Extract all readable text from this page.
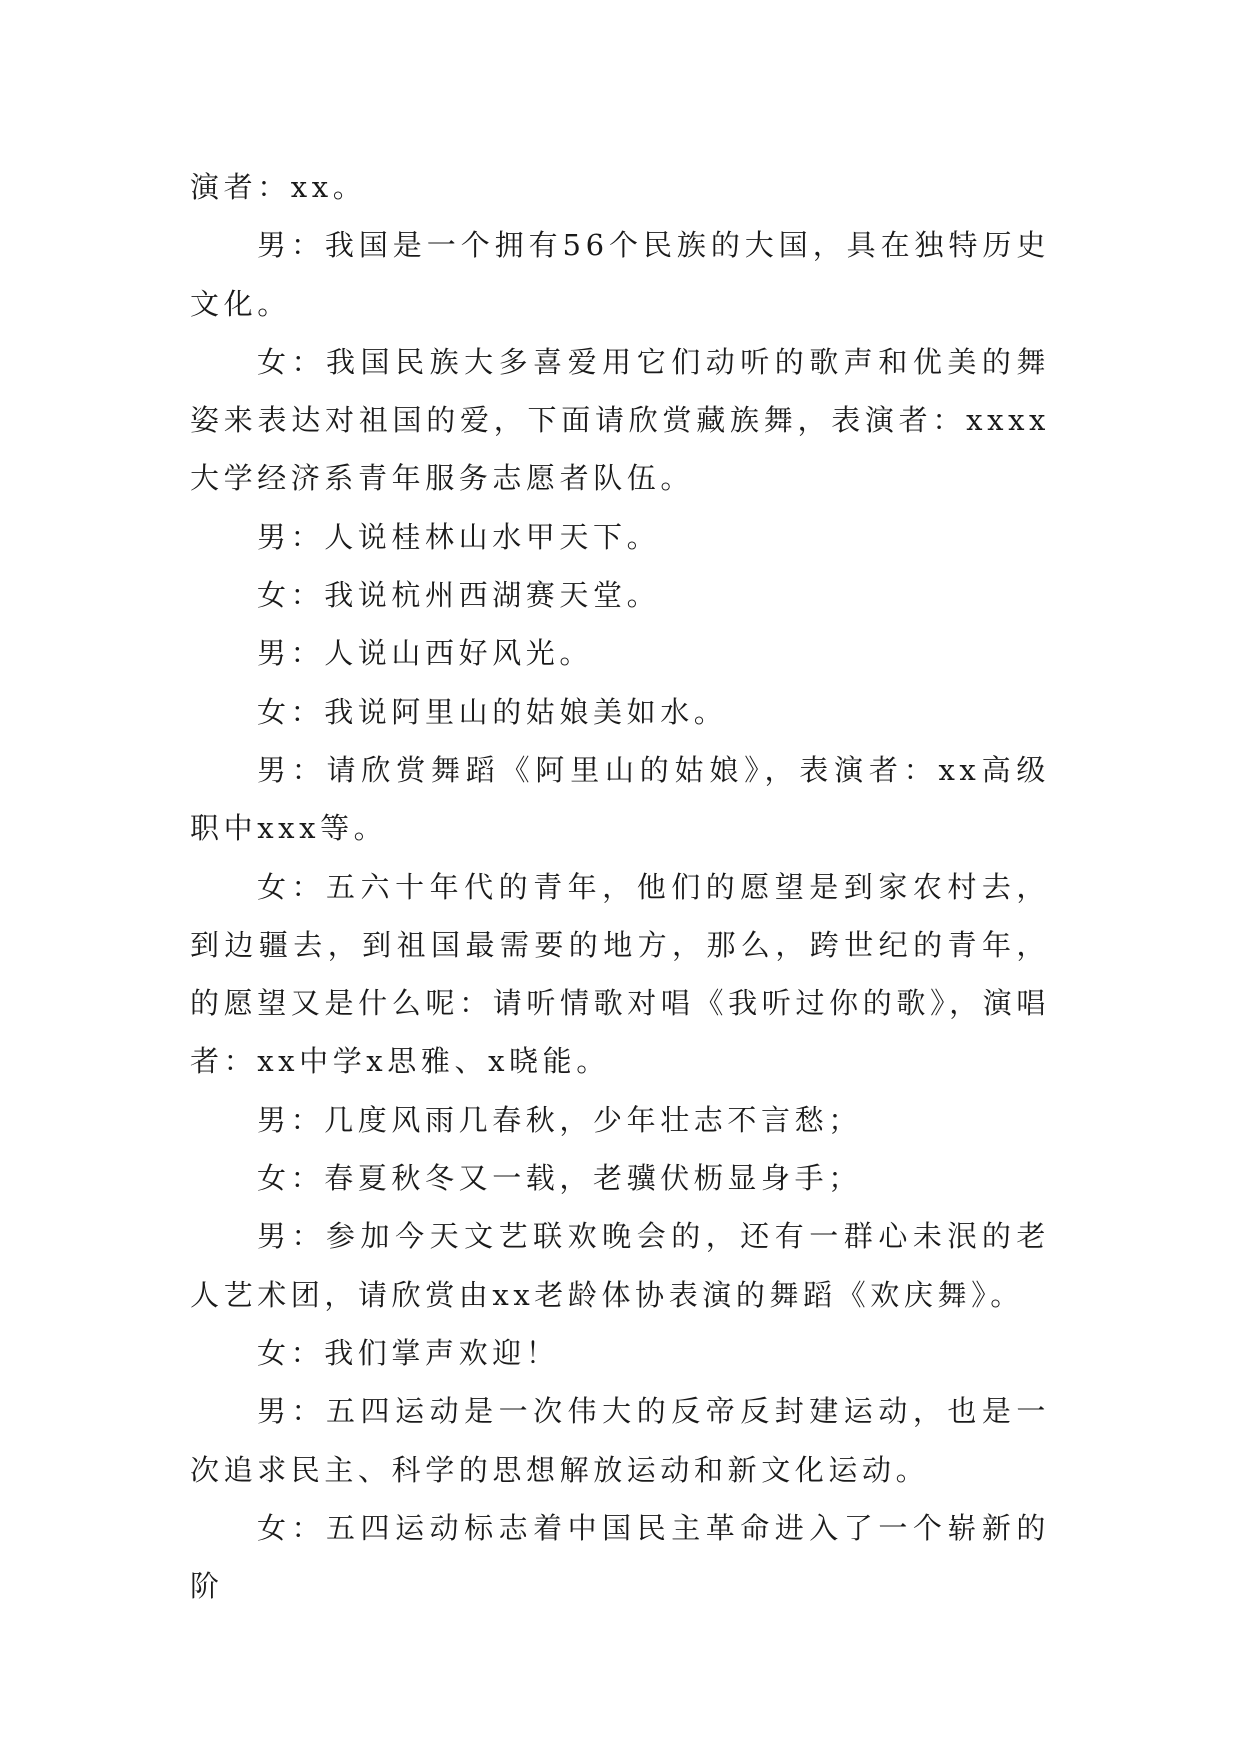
演者：xx。

男：我国是一个拥有56个民族的大国，具在独特历史文化。

女：我国民族大多喜爱用它们动听的歌声和优美的舞姿来表达对祖国的爱，下面请欣赏藏族舞，表演者：xxxx大学经济系青年服务志愿者队伍。

男：人说桂林山水甲天下。

女：我说杭州西湖赛天堂。

男：人说山西好风光。

女：我说阿里山的姑娘美如水。

男：请欣赏舞蹈《阿里山的姑娘》，表演者：xx高级职中xxx等。

女：五六十年代的青年，他们的愿望是到家农村去，到边疆去，到祖国最需要的地方，那么，跨世纪的青年，的愿望又是什么呢：请听情歌对唱《我听过你的歌》，演唱者：xx中学x思雅、x晓能。

男：几度风雨几春秋，少年壮志不言愁；

女：春夏秋冬又一载，老骥伏枥显身手；

男：参加今天文艺联欢晚会的，还有一群心未泯的老人艺术团，请欣赏由xx老龄体协表演的舞蹈《欢庆舞》。

女：我们掌声欢迎！

男：五四运动是一次伟大的反帝反封建运动，也是一次追求民主、科学的思想解放运动和新文化运动。

女：五四运动标志着中国民主革命进入了一个崭新的阶
